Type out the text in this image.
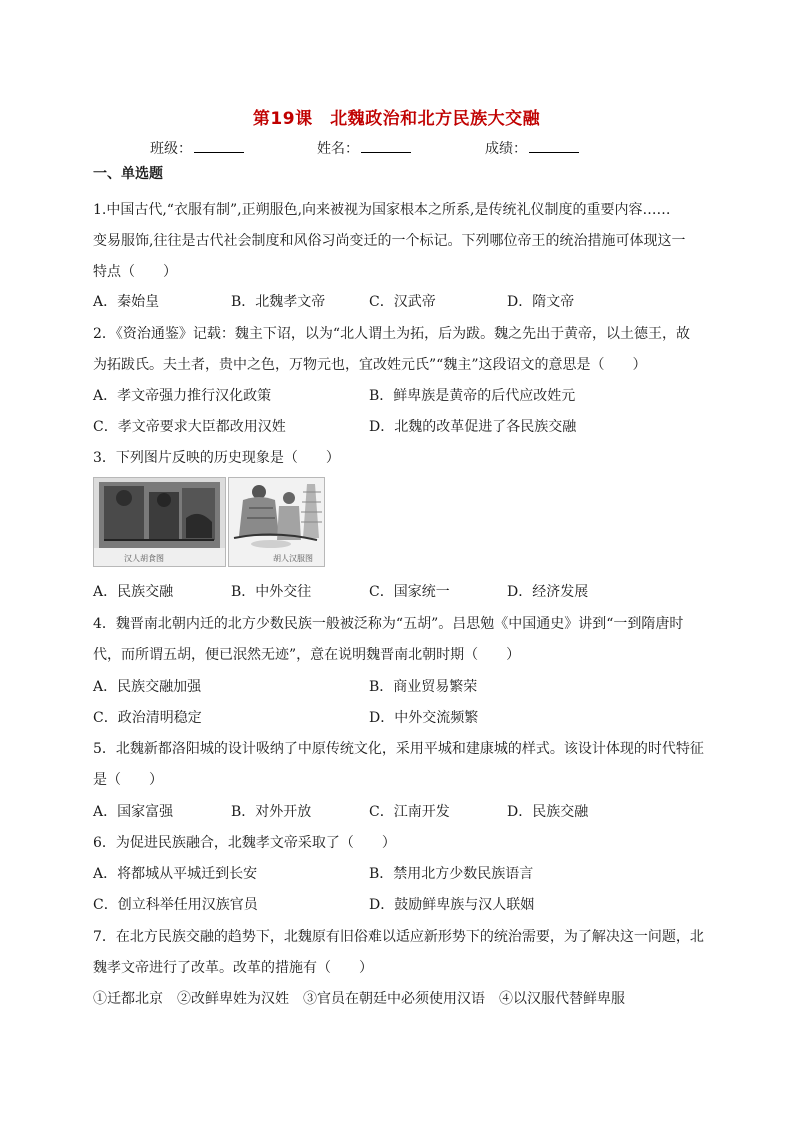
第19课　北魏政治和北方民族大交融
班级：	姓名：	成绩：
一、单选题
1.中国古代,“衣服有制”,正朔服色,向来被视为国家根本之所系,是传统礼仪制度的重要内容……
变易服饰,往往是古代社会制度和风俗习尚变迁的一个标记。下列哪位帝王的统治措施可体现这一
特点（　　）
A．秦始皇	B．北魏孝文帝	C．汉武帝	D．隋文帝
2．《资治通鉴》记载：魏主下诏，以为“北人谓土为拓，后为跋。魏之先出于黄帝，以土德王，故
为拓跋氏。夫土者，贵中之色，万物元也，宜改姓元氏”“魏主”这段诏文的意思是（　　）
A．孝文帝强力推行汉化政策	B．鲜卑族是黄帝的后代应改姓元
C．孝文帝要求大臣都改用汉姓	D．北魏的改革促进了各民族交融
3．下列图片反映的历史现象是（　　）
汉人胡食图	胡人汉服图
A．民族交融	B．中外交往	C．国家统一	D．经济发展
4．魏晋南北朝内迁的北方少数民族一般被泛称为“五胡”。吕思勉《中国通史》讲到“一到隋唐时
代，而所谓五胡，便已泯然无迹”，意在说明魏晋南北朝时期（　　）
A．民族交融加强	B．商业贸易繁荣
C．政治清明稳定	D．中外交流频繁
5．北魏新都洛阳城的设计吸纳了中原传统文化，采用平城和建康城的样式。该设计体现的时代特征
是（　　）
A．国家富强	B．对外开放	C．江南开发	D．民族交融
6．为促进民族融合，北魏孝文帝采取了（　　）
A．将都城从平城迁到长安	B．禁用北方少数民族语言
C．创立科举任用汉族官员	D．鼓励鲜卑族与汉人联姻
7．在北方民族交融的趋势下，北魏原有旧俗难以适应新形势下的统治需要，为了解决这一问题，北
魏孝文帝进行了改革。改革的措施有（　　）
①迁都北京　②改鲜卑姓为汉姓　③官员在朝廷中必须使用汉语　④以汉服代替鲜卑服
